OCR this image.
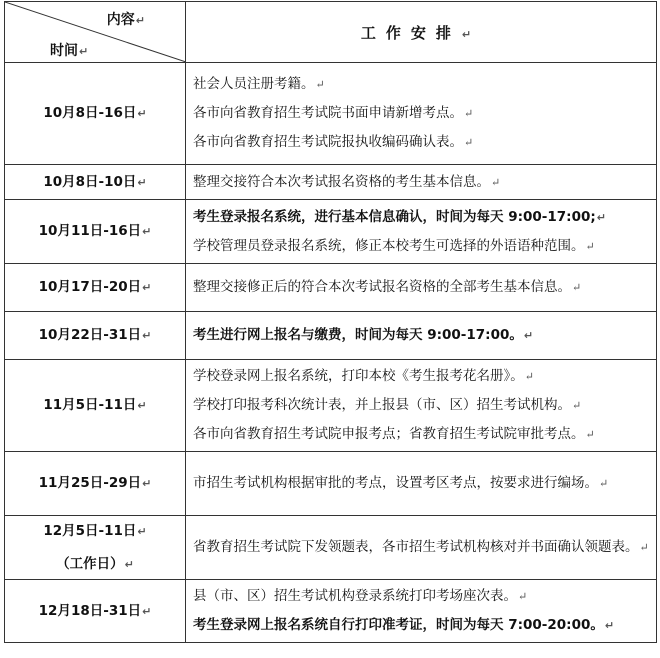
内容↵
时间↵	工作安排↵

10月8日-16日↵	社会人员注册考籍。↵
各市向省教育招生考试院书面申请新增考点。↵
各市向省教育招生考试院报执收编码确认表。↵

10月8日-10日↵	整理交接符合本次考试报名资格的考生基本信息。↵

10月11日-16日↵	考生登录报名系统，进行基本信息确认，时间为每天 9:00-17:00;↵
学校管理员登录报名系统，修正本校考生可选择的外语语种范围。↵

10月17日-20日↵	整理交接修正后的符合本次考试报名资格的全部考生基本信息。↵

10月22日-31日↵	考生进行网上报名与缴费，时间为每天 9:00-17:00。↵

11月5日-11日↵	学校登录网上报名系统，打印本校《考生报考花名册》。↵
学校打印报考科次统计表，并上报县（市、区）招生考试机构。↵
各市向省教育招生考试院申报考点；省教育招生考试院审批考点。↵

11月25日-29日↵	市招生考试机构根据审批的考点，设置考区考点，按要求进行编场。↵

12月5日-11日↵
（工作日）↵	省教育招生考试院下发领题表，各市招生考试机构核对并书面确认领题表。↵

12月18日-31日↵	县（市、区）招生考试机构登录系统打印考场座次表。↵
考生登录网上报名系统自行打印准考证，时间为每天 7:00-20:00。↵
